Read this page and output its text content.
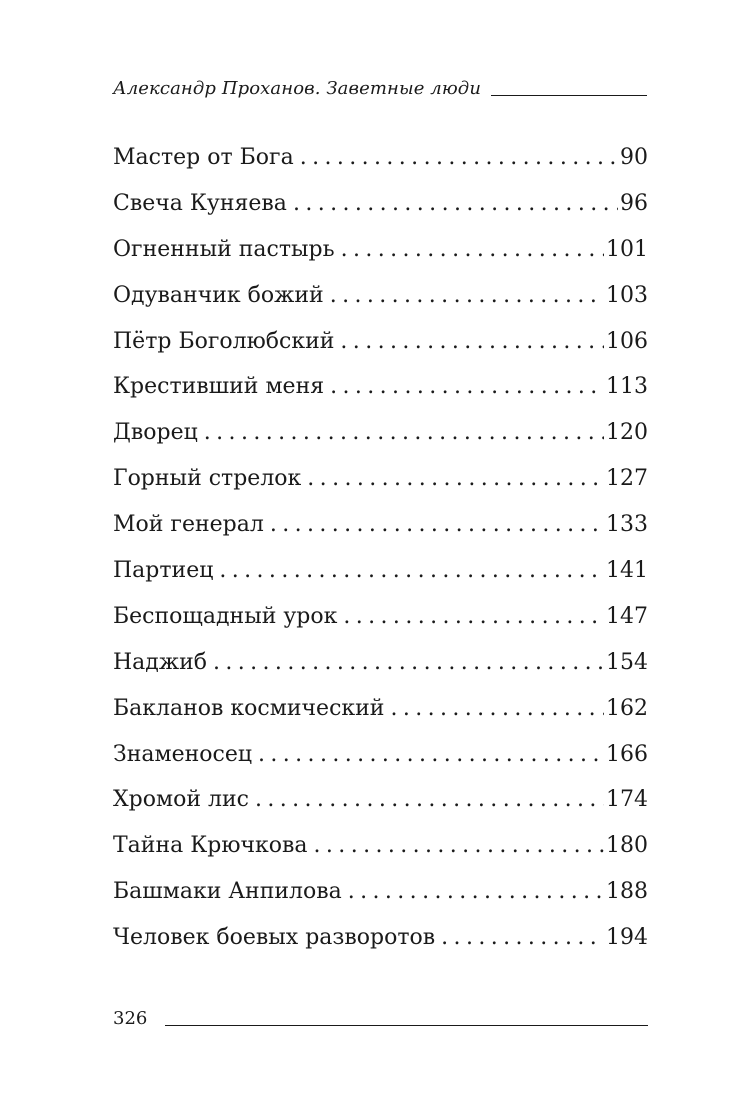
Александр Проханов. Заветные люди
Мастер от Бога . . .	90
Свеча Куняева . . .	96
Огненный пастырь . . .	101
Одуванчик божий . . .	103
Пётр Боголюбский . . .	106
Крестивший меня . . .	113
Дворец . . .	120
Горный стрелок . . .	127
Мой генерал . . .	133
Партиец . . .	141
Беспощадный урок . . .	147
Наджиб . . .	154
Бакланов космический . . .	162
Знаменосец . . .	166
Хромой лис . . .	174
Тайна Крючкова . . .	180
Башмаки Анпилова . . .	188
Человек боевых разворотов . . .	194
326
